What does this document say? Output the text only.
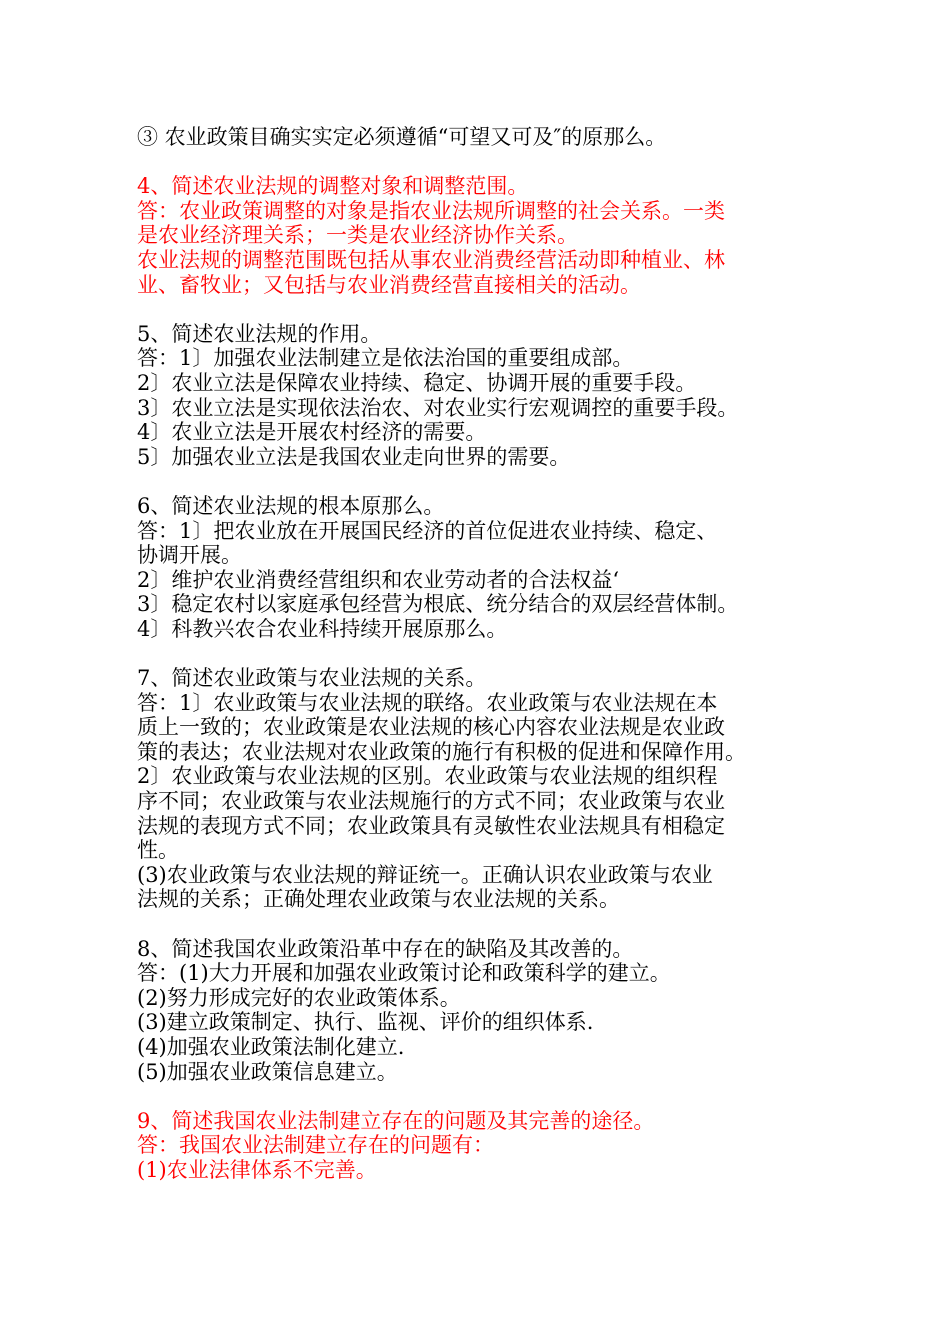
③ 农业政策目确实实定必须遵循“可望又可及″的原那么。
4、简述农业法规的调整对象和调整范围。
答：农业政策调整的对象是指农业法规所调整的社会关系。一类
是农业经济理关系；一类是农业经济协作关系。
农业法规的调整范围既包括从事农业消费经营活动即种植业、林
业、畜牧业；又包括与农业消费经营直接相关的活动。
5、简述农业法规的作用。
答：1〕加强农业法制建立是依法治国的重要组成部。
2〕农业立法是保障农业持续、稳定、协调开展的重要手段。
3〕农业立法是实现依法治农、对农业实行宏观调控的重要手段。
4〕农业立法是开展农村经济的需要。
5〕加强农业立法是我国农业走向世界的需要。
6、简述农业法规的根本原那么。
答：1〕把农业放在开展国民经济的首位促进农业持续、稳定、
协调开展。
2〕维护农业消费经营组织和农业劳动者的合法权益‘
3〕稳定农村以家庭承包经营为根底、统分结合的双层经营体制。
4〕科教兴农合农业科持续开展原那么。
7、简述农业政策与农业法规的关系。
答：1〕农业政策与农业法规的联络。农业政策与农业法规在本
质上一致的；农业政策是农业法规的核心内容农业法规是农业政
策的表达；农业法规对农业政策的施行有积极的促进和保障作用。
2〕农业政策与农业法规的区别。农业政策与农业法规的组织程
序不同；农业政策与农业法规施行的方式不同；农业政策与农业
法规的表现方式不同；农业政策具有灵敏性农业法规具有相稳定
性。
(3)农业政策与农业法规的辩证统一。正确认识农业政策与农业
法规的关系；正确处理农业政策与农业法规的关系。
8、简述我国农业政策沿革中存在的缺陷及其改善的。
答：(1)大力开展和加强农业政策讨论和政策科学的建立。
(2)努力形成完好的农业政策体系。
(3)建立政策制定、执行、监视、评价的组织体系.
(4)加强农业政策法制化建立.
(5)加强农业政策信息建立。
9、简述我国农业法制建立存在的问题及其完善的途径。
答：我国农业法制建立存在的问题有：
(1)农业法律体系不完善。
